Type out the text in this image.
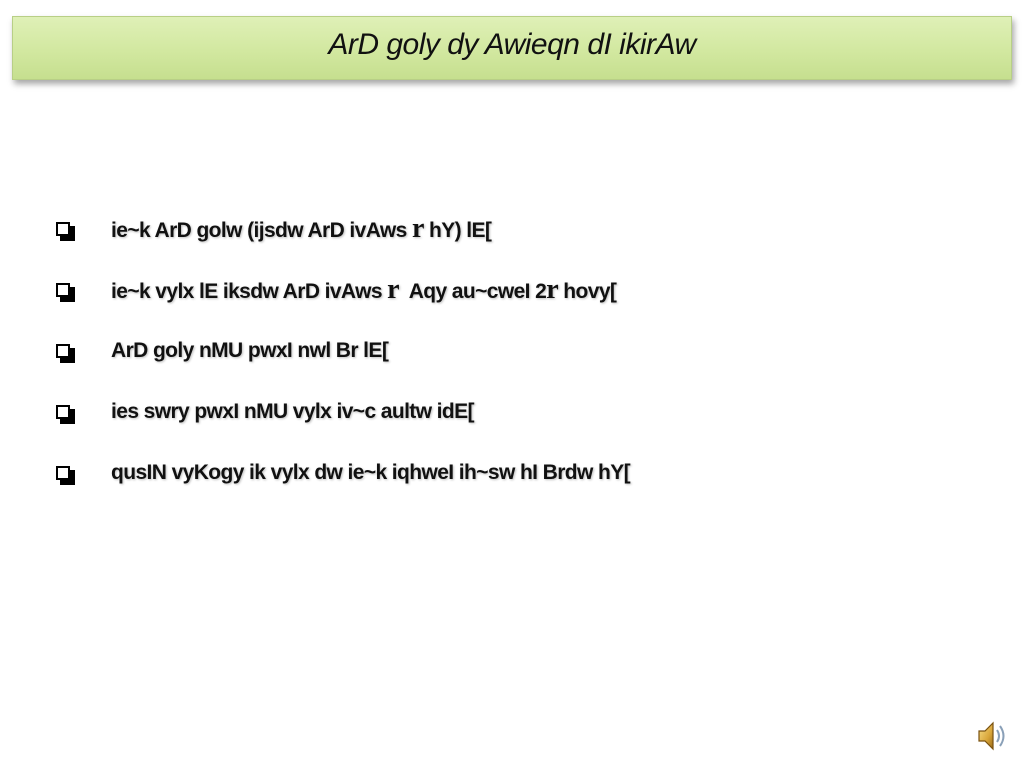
ArD goly dy Awieqn dI ikirAw
ie~k ArD golw (ijsdw ArD ivAws r hY) lE[
ie~k vylx lE iksdw ArD ivAws r  Aqy au~cweI 2r hovy[
ArD goly nMU pwxI nwl Br lE[
ies swry pwxI nMU vylx iv~c aultw idE[
qusIN vyKogy ik vylx dw ie~k iqhweI ih~sw hI Brdw hY[
